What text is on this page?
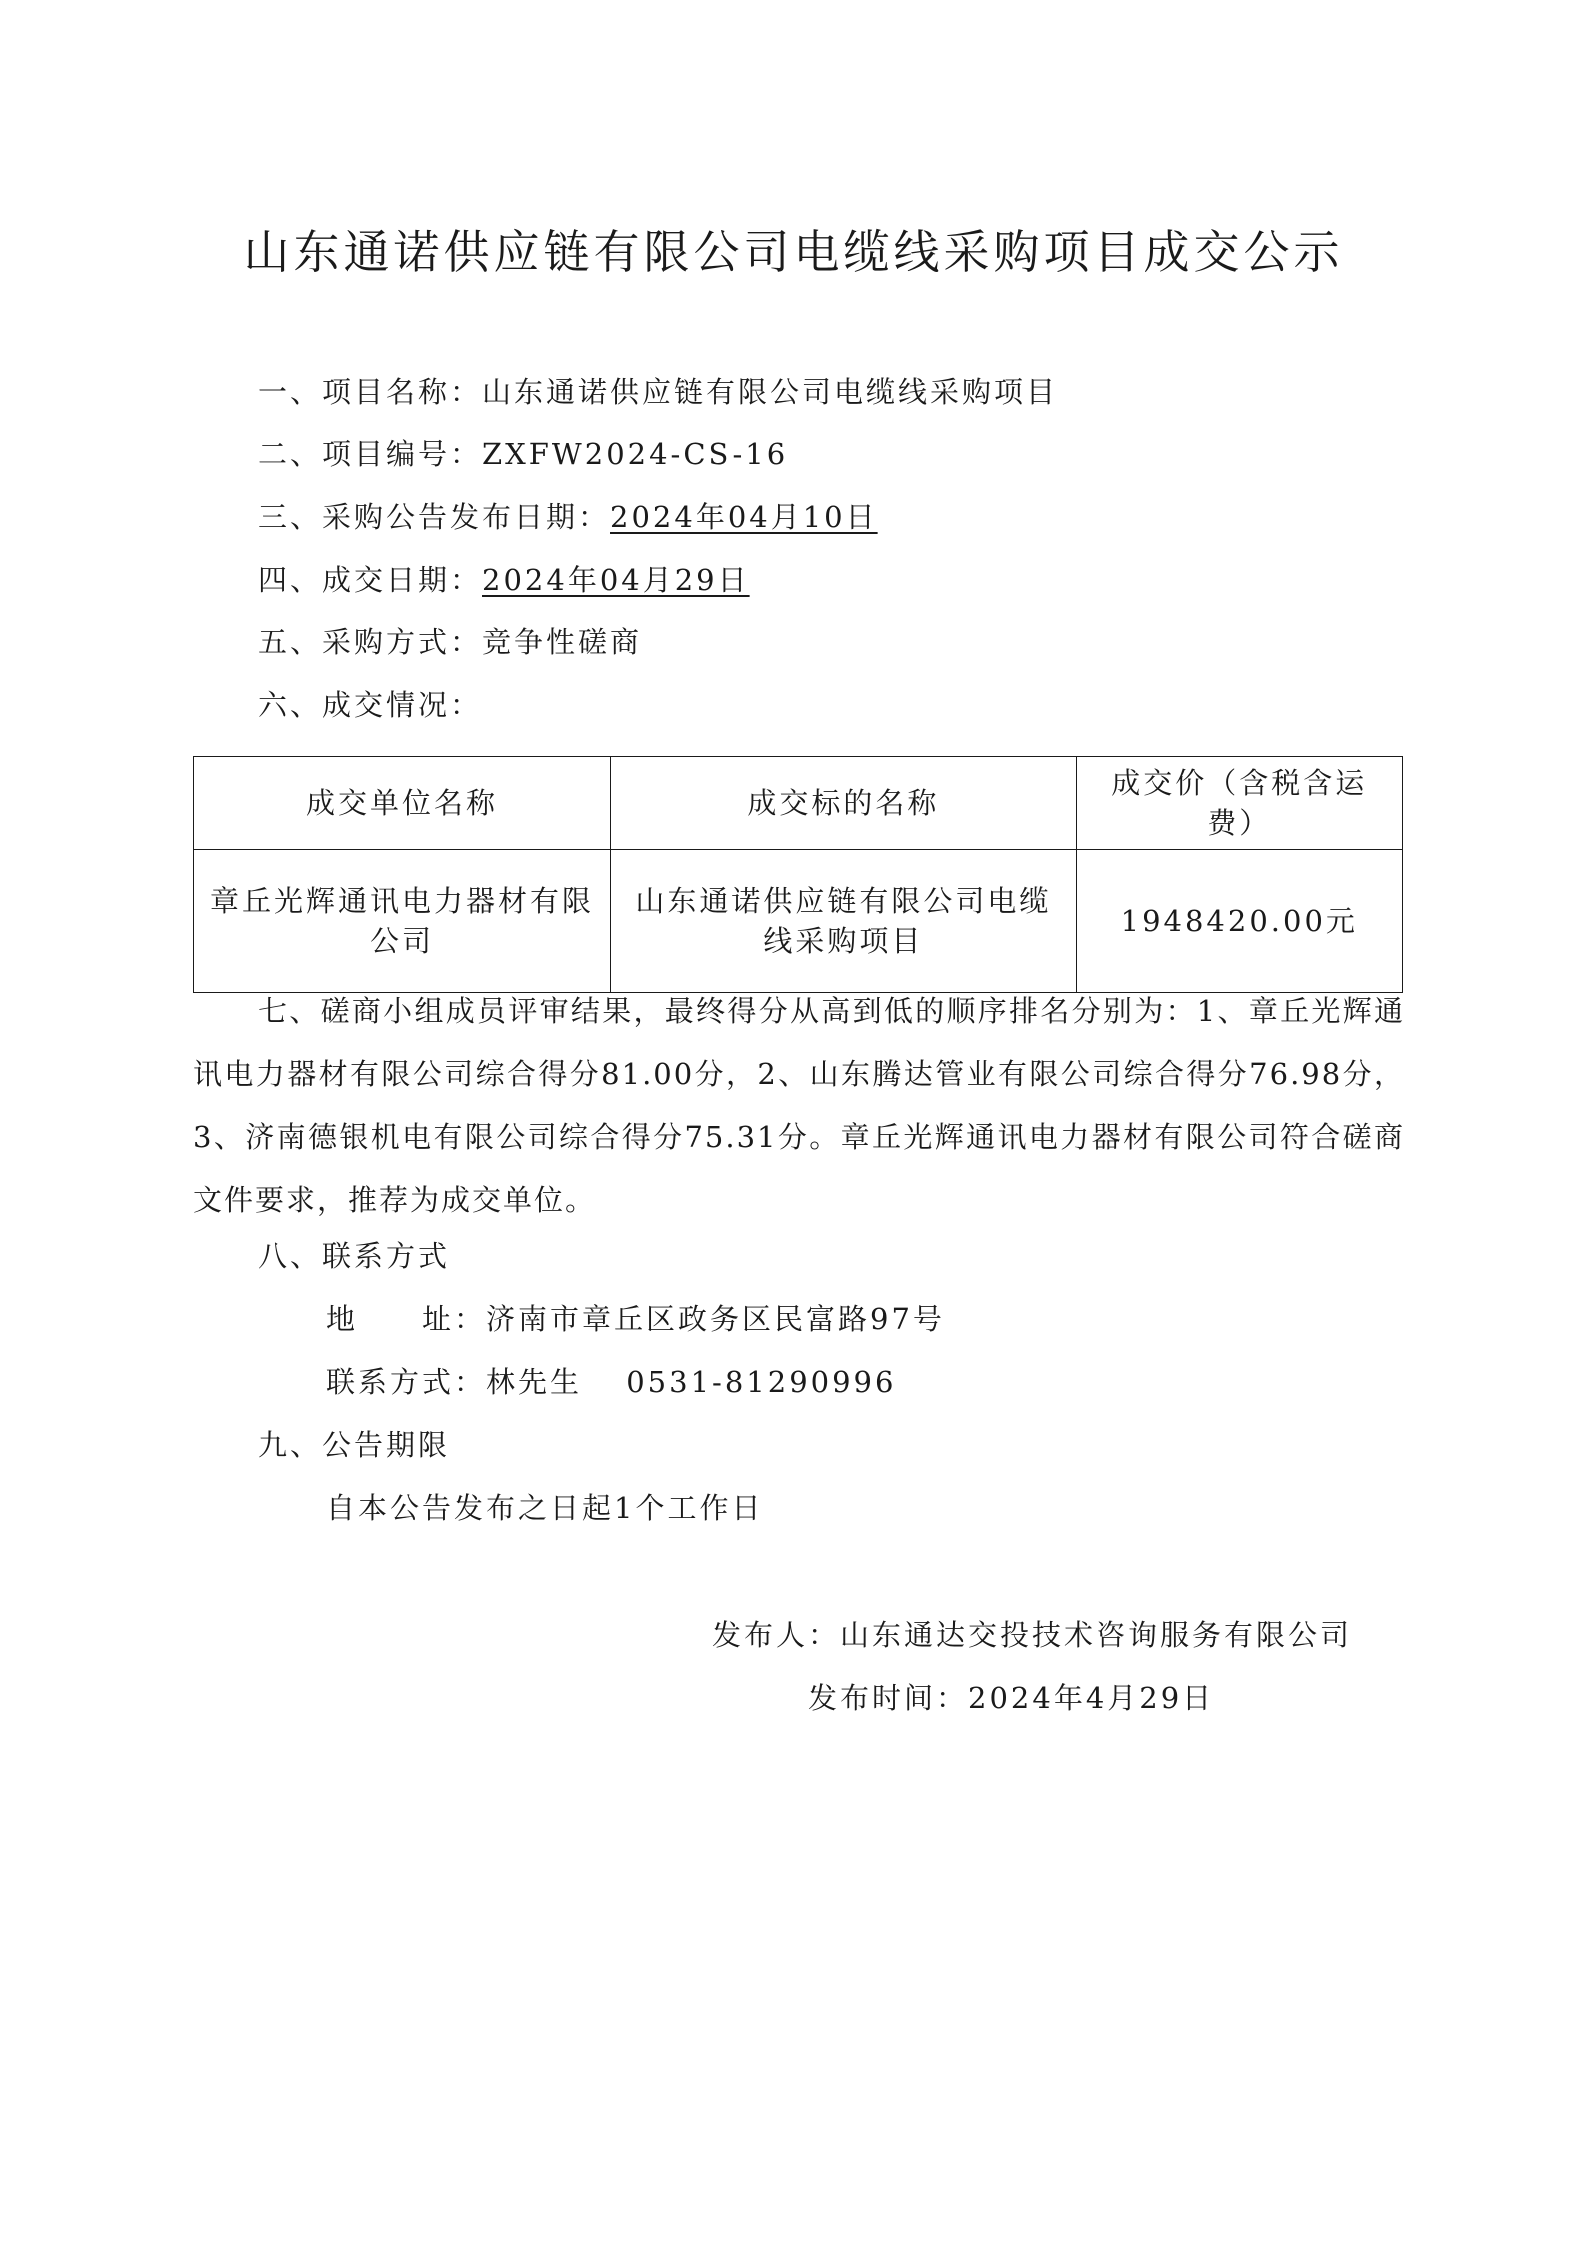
山东通诺供应链有限公司电缆线采购项目成交公示
一、项目名称：山东通诺供应链有限公司电缆线采购项目
二、项目编号：ZXFW2024-CS-16
三、采购公告发布日期：2024年04月10日
四、成交日期：2024年04月29日
五、采购方式：竞争性磋商
六、成交情况：
成交单位名称	成交标的名称	成交价（含税含运费）
章丘光辉通讯电力器材有限公司	山东通诺供应链有限公司电缆线采购项目	1948420.00元

七、磋商小组成员评审结果，最终得分从高到低的顺序排名分别为：1、章丘光辉通讯电力器材有限公司综合得分81.00分，2、山东腾达管业有限公司综合得分76.98分，3、济南德银机电有限公司综合得分75.31分。章丘光辉通讯电力器材有限公司符合磋商文件要求，推荐为成交单位。

八、联系方式
地　　址：济南市章丘区政务区民富路97号
联系方式：林先生　 0531-81290996
九、公告期限
自本公告发布之日起1个工作日
发布人：山东通达交投技术咨询服务有限公司
发布时间：2024年4月29日
